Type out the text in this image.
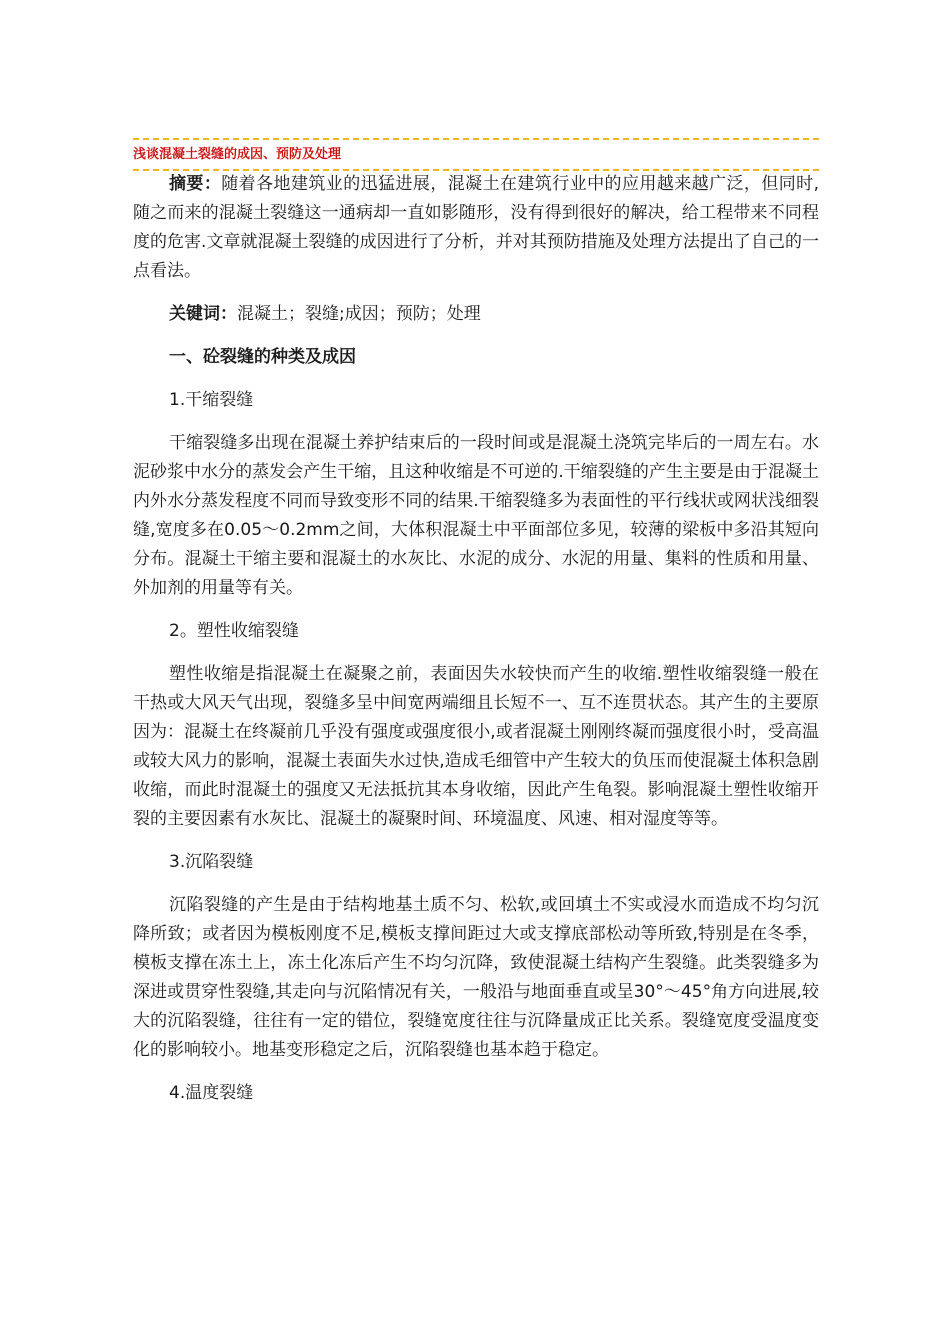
浅谈混凝土裂缝的成因、预防及处理

摘要：随着各地建筑业的迅猛进展，混凝土在建筑行业中的应用越来越广泛，但同时,随之而来的混凝土裂缝这一通病却一直如影随形，没有得到很好的解决，给工程带来不同程度的危害.文章就混凝土裂缝的成因进行了分析，并对其预防措施及处理方法提出了自己的一点看法。

关键词：混凝土；裂缝;成因；预防；处理

一、砼裂缝的种类及成因

1.干缩裂缝

干缩裂缝多出现在混凝土养护结束后的一段时间或是混凝土浇筑完毕后的一周左右。水泥砂浆中水分的蒸发会产生干缩，且这种收缩是不可逆的.干缩裂缝的产生主要是由于混凝土内外水分蒸发程度不同而导致变形不同的结果.干缩裂缝多为表面性的平行线状或网状浅细裂缝,宽度多在0.05～0.2mm之间，大体积混凝土中平面部位多见，较薄的梁板中多沿其短向分布。混凝土干缩主要和混凝土的水灰比、水泥的成分、水泥的用量、集料的性质和用量、外加剂的用量等有关。

2。塑性收缩裂缝

塑性收缩是指混凝土在凝聚之前，表面因失水较快而产生的收缩.塑性收缩裂缝一般在干热或大风天气出现，裂缝多呈中间宽两端细且长短不一、互不连贯状态。其产生的主要原因为：混凝土在终凝前几乎没有强度或强度很小,或者混凝土刚刚终凝而强度很小时，受高温或较大风力的影响，混凝土表面失水过快,造成毛细管中产生较大的负压而使混凝土体积急剧收缩，而此时混凝土的强度又无法抵抗其本身收缩，因此产生龟裂。影响混凝土塑性收缩开裂的主要因素有水灰比、混凝土的凝聚时间、环境温度、风速、相对湿度等等。

3.沉陷裂缝

沉陷裂缝的产生是由于结构地基土质不匀、松软,或回填土不实或浸水而造成不均匀沉降所致；或者因为模板刚度不足,模板支撑间距过大或支撑底部松动等所致,特别是在冬季，模板支撑在冻土上，冻土化冻后产生不均匀沉降，致使混凝土结构产生裂缝。此类裂缝多为深进或贯穿性裂缝,其走向与沉陷情况有关，一般沿与地面垂直或呈30°～45°角方向进展,较大的沉陷裂缝，往往有一定的错位，裂缝宽度往往与沉降量成正比关系。裂缝宽度受温度变化的影响较小。地基变形稳定之后，沉陷裂缝也基本趋于稳定。

4.温度裂缝
